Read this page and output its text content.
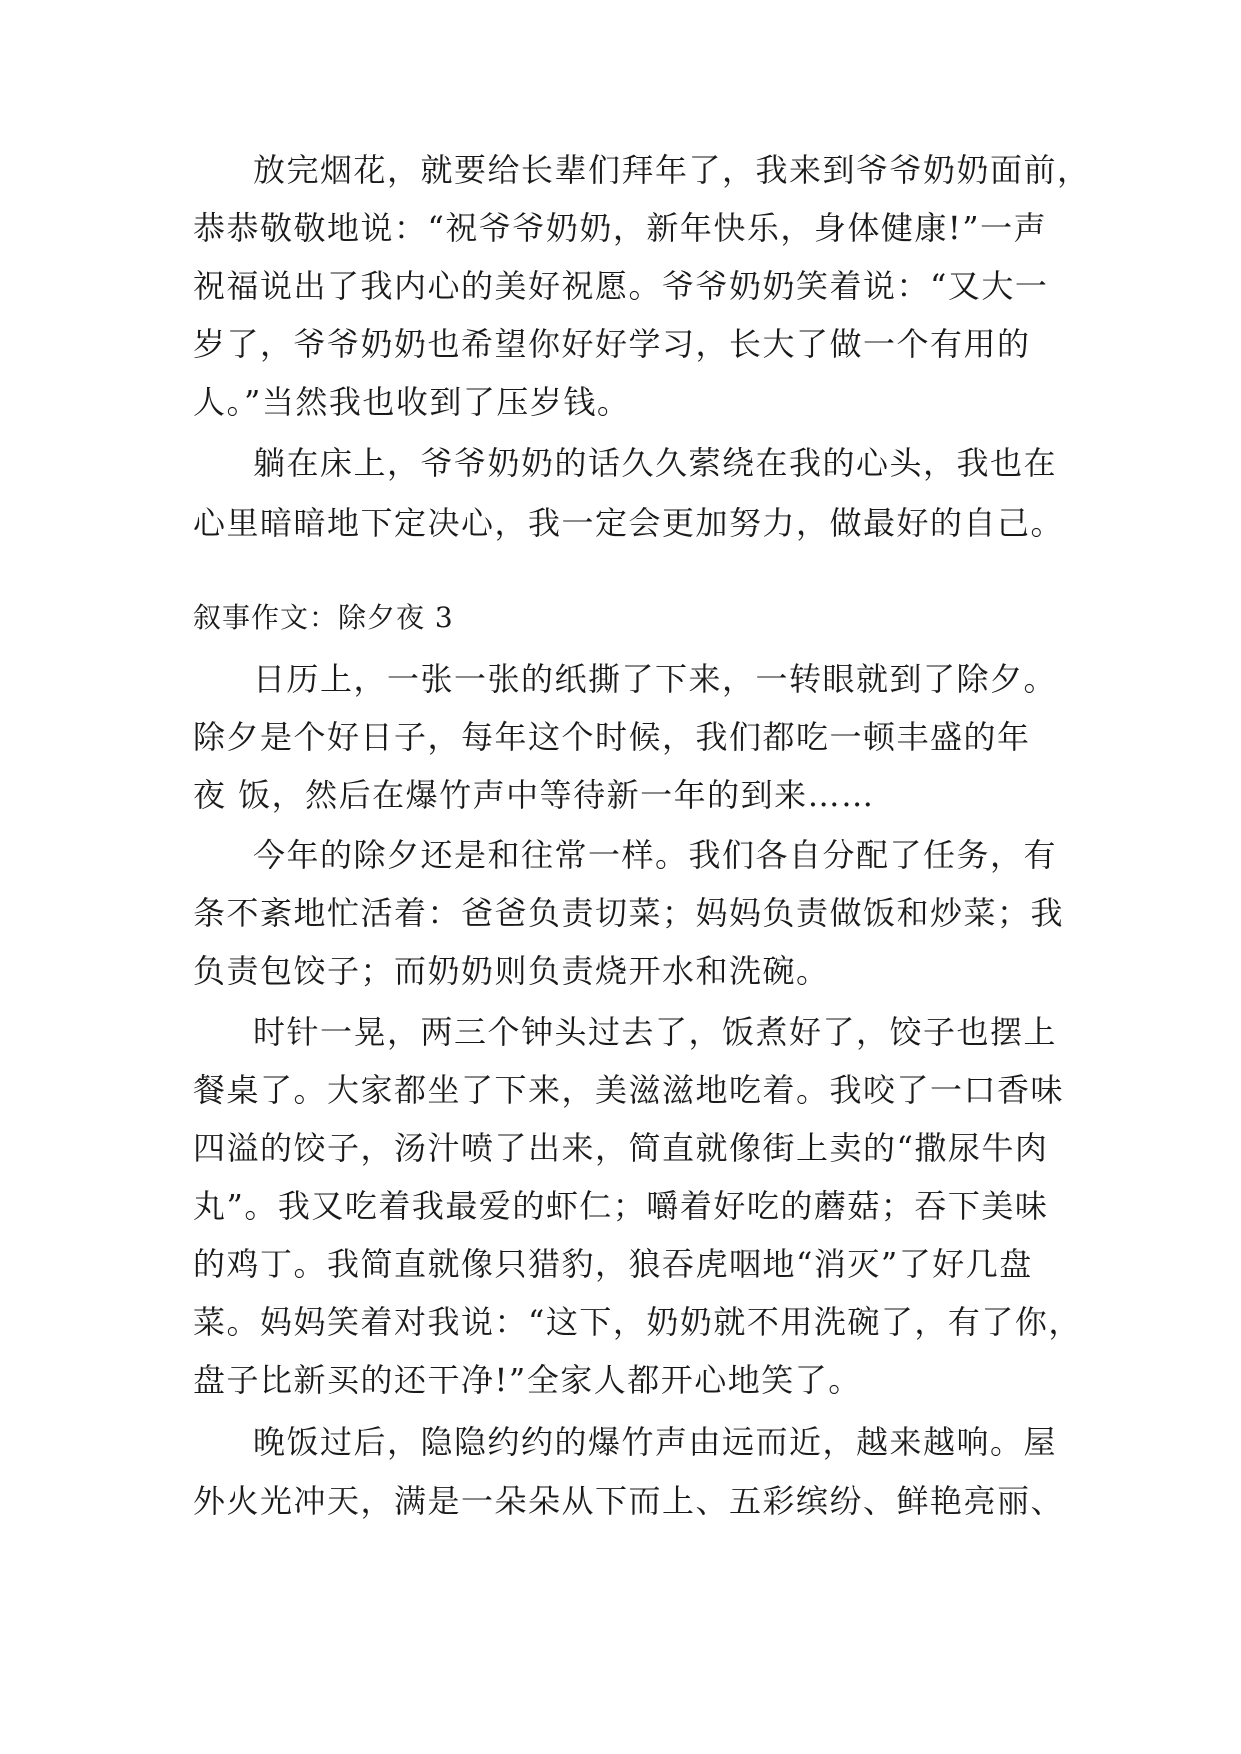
放完烟花，就要给长辈们拜年了，我来到爷爷奶奶面前，
恭恭敬敬地说：“祝爷爷奶奶，新年快乐，身体健康!”一声
祝福说出了我内心的美好祝愿。爷爷奶奶笑着说：“又大一
岁了，爷爷奶奶也希望你好好学习，长大了做一个有用的
人。”当然我也收到了压岁钱。
躺在床上，爷爷奶奶的话久久萦绕在我的心头，我也在
心里暗暗地下定决心，我一定会更加努力，做最好的自己。
叙事作文：除夕夜 3
日历上，一张一张的纸撕了下来，一转眼就到了除夕。
除夕是个好日子，每年这个时候，我们都吃一顿丰盛的年
夜 饭，然后在爆竹声中等待新一年的到来……
今年的除夕还是和往常一样。我们各自分配了任务，有
条不紊地忙活着：爸爸负责切菜；妈妈负责做饭和炒菜；我
负责包饺子；而奶奶则负责烧开水和洗碗。
时针一晃，两三个钟头过去了，饭煮好了，饺子也摆上
餐桌了。大家都坐了下来，美滋滋地吃着。我咬了一口香味
四溢的饺子，汤汁喷了出来，简直就像街上卖的“撒尿牛肉
丸”。我又吃着我最爱的虾仁；嚼着好吃的蘑菇；吞下美味
的鸡丁。我简直就像只猎豹，狼吞虎咽地“消灭”了好几盘
菜。妈妈笑着对我说：“这下，奶奶就不用洗碗了，有了你，
盘子比新买的还干净!”全家人都开心地笑了。
晚饭过后，隐隐约约的爆竹声由远而近，越来越响。屋
外火光冲天，满是一朵朵从下而上、五彩缤纷、鲜艳亮丽、
